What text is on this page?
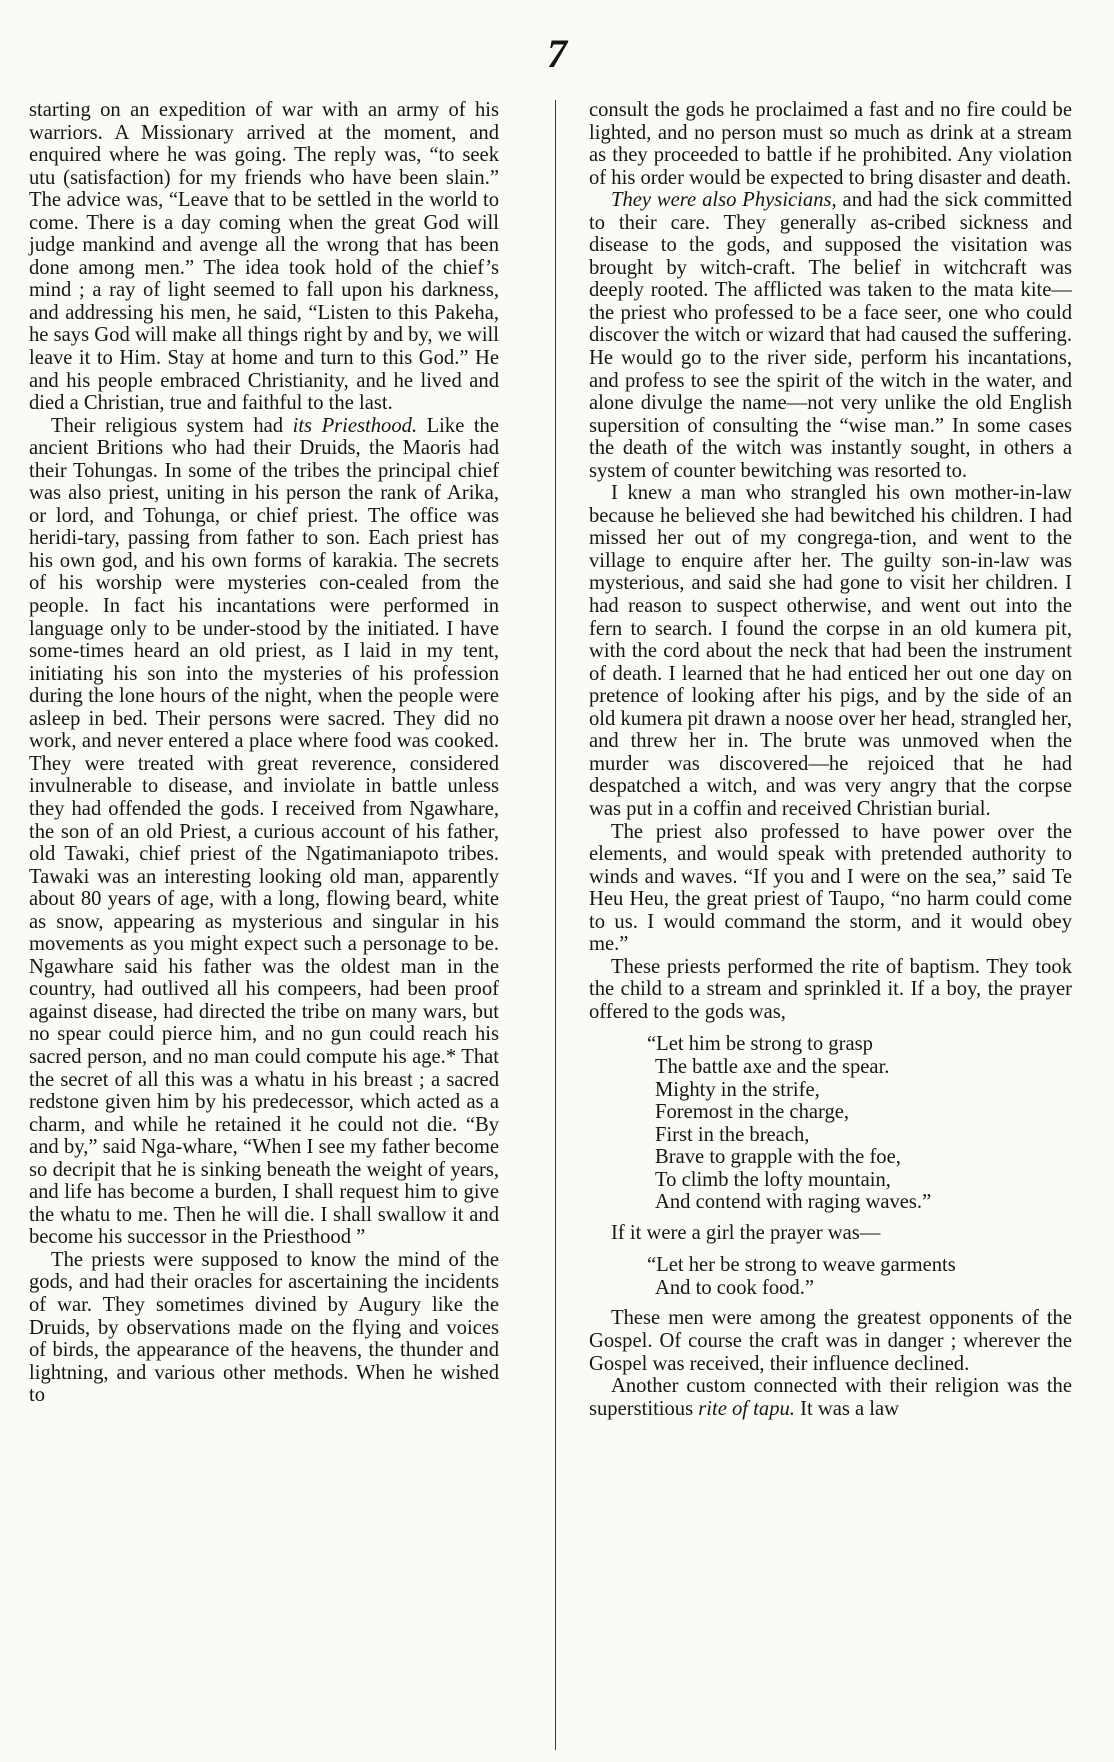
7

starting on an expedition of war with an army of his warriors. A Missionary arrived at the moment, and enquired where he was going. The reply was, “to seek utu (satisfaction) for my friends who have been slain.” The advice was, “Leave that to be settled in the world to come. There is a day coming when the great God will judge mankind and avenge all the wrong that has been done among men.” The idea took hold of the chief’s mind ; a ray of light seemed to fall upon his darkness, and addressing his men, he said, “Listen to this Pakeha, he says God will make all things right by and by, we will leave it to Him. Stay at home and turn to this God.” He and his people embraced Christianity, and he lived and died a Christian, true and faithful to the last.

Their religious system had its Priesthood. Like the ancient Britions who had their Druids, the Maoris had their Tohungas. In some of the tribes the principal chief was also priest, uniting in his person the rank of Arika, or lord, and Tohunga, or chief priest. The office was heridi-tary, passing from father to son. Each priest has his own god, and his own forms of karakia. The secrets of his worship were mysteries con-cealed from the people. In fact his incantations were performed in language only to be under-stood by the initiated. I have some-times heard an old priest, as I laid in my tent, initiating his son into the mysteries of his profession during the lone hours of the night, when the people were asleep in bed. Their persons were sacred. They did no work, and never entered a place where food was cooked. They were treated with great reverence, considered invulnerable to disease, and inviolate in battle unless they had offended the gods. I received from Ngawhare, the son of an old Priest, a curious account of his father, old Tawaki, chief priest of the Ngatimaniapoto tribes. Tawaki was an interesting looking old man, apparently about 80 years of age, with a long, flowing beard, white as snow, appearing as mysterious and singular in his movements as you might expect such a personage to be. Ngawhare said his father was the oldest man in the country, had outlived all his compeers, had been proof against disease, had directed the tribe on many wars, but no spear could pierce him, and no gun could reach his sacred person, and no man could compute his age.* That the secret of all this was a whatu in his breast ; a sacred redstone given him by his predecessor, which acted as a charm, and while he retained it he could not die. “By and by,” said Nga-whare, “When I see my father become so decripit that he is sinking beneath the weight of years, and life has become a burden, I shall request him to give the whatu to me. Then he will die. I shall swallow it and become his successor in the Priesthood ”

The priests were supposed to know the mind of the gods, and had their oracles for ascertaining the incidents of war. They sometimes divined by Augury like the Druids, by observations made on the flying and voices of birds, the appearance of the heavens, the thunder and lightning, and various other methods. When he wished to

consult the gods he proclaimed a fast and no fire could be lighted, and no person must so much as drink at a stream as they proceeded to battle if he prohibited. Any violation of his order would be expected to bring disaster and death.

They were also Physicians, and had the sick committed to their care. They generally as-cribed sickness and disease to the gods, and supposed the visitation was brought by witch-craft. The belief in witchcraft was deeply rooted. The afflicted was taken to the mata kite—the priest who professed to be a face seer, one who could discover the witch or wizard that had caused the suffering. He would go to the river side, perform his incantations, and profess to see the spirit of the witch in the water, and alone divulge the name—not very unlike the old English supersition of consulting the “wise man.” In some cases the death of the witch was instantly sought, in others a system of counter bewitching was resorted to.

I knew a man who strangled his own mother-in-law because he believed she had bewitched his children. I had missed her out of my congrega-tion, and went to the village to enquire after her. The guilty son-in-law was mysterious, and said she had gone to visit her children. I had reason to suspect otherwise, and went out into the fern to search. I found the corpse in an old kumera pit, with the cord about the neck that had been the instrument of death. I learned that he had enticed her out one day on pretence of looking after his pigs, and by the side of an old kumera pit drawn a noose over her head, strangled her, and threw her in. The brute was unmoved when the murder was discovered—he rejoiced that he had despatched a witch, and was very angry that the corpse was put in a coffin and received Christian burial.

The priest also professed to have power over the elements, and would speak with pretended authority to winds and waves. “If you and I were on the sea,” said Te Heu Heu, the great priest of Taupo, “no harm could come to us. I would command the storm, and it would obey me.”

These priests performed the rite of baptism. They took the child to a stream and sprinkled it. If a boy, the prayer offered to the gods was,

“Let him be strong to grasp
The battle axe and the spear.
Mighty in the strife,
Foremost in the charge,
First in the breach,
Brave to grapple with the foe,
To climb the lofty mountain,
And contend with raging waves.”

If it were a girl the prayer was—

“Let her be strong to weave garments
And to cook food.”

These men were among the greatest opponents of the Gospel. Of course the craft was in danger ; wherever the Gospel was received, their influence declined.

Another custom connected with their religion was the superstitious rite of tapu. It was a law
